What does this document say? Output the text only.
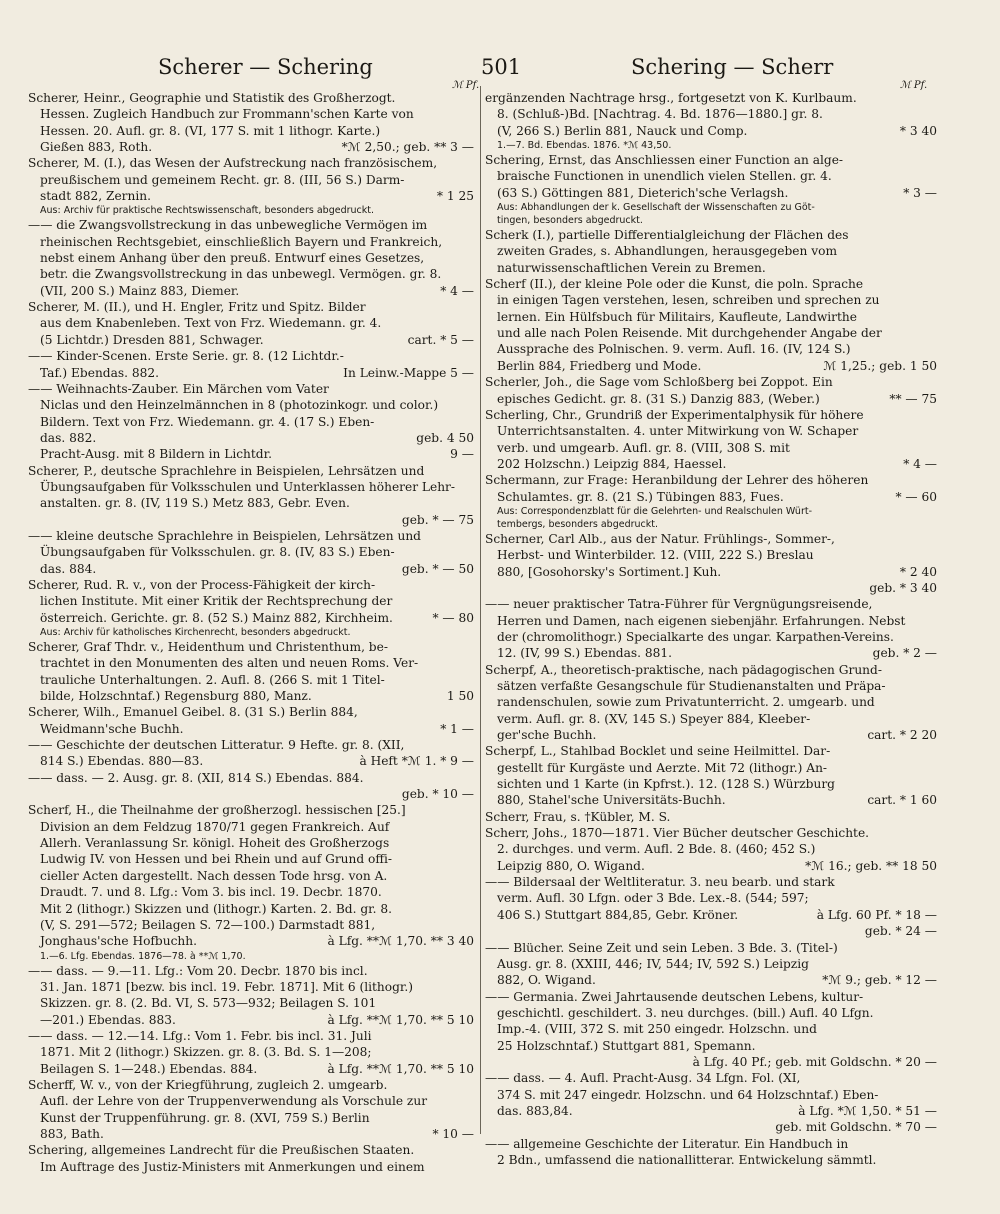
Scherer — Schering	501	Schering — Scherr
ℳ Pf.	ℳ Pf.
Scherer, Heinr., Geographie und Statistik des Großherzogt.
Hessen. Zugleich Handbuch zur Frommann'schen Karte von
Hessen. 20. Aufl. gr. 8. (VI, 177 S. mit 1 lithogr. Karte.)
Gießen 883, Roth.	*ℳ 2,50.; geb. ** 3 —
Scherer, M. (I.), das Wesen der Aufstreckung nach französischem,
preußischem und gemeinem Recht. gr. 8. (III, 56 S.) Darm-
stadt 882, Zernin.	* 1 25
Aus: Archiv für praktische Rechtswissenschaft, besonders abgedruckt.
—— die Zwangsvollstreckung in das unbewegliche Vermögen im
rheinischen Rechtsgebiet, einschließlich Bayern und Frankreich,
nebst einem Anhang über den preuß. Entwurf eines Gesetzes,
betr. die Zwangsvollstreckung in das unbewegl. Vermögen. gr. 8.
(VII, 200 S.) Mainz 883, Diemer.	* 4 —
Scherer, M. (II.), und H. Engler, Fritz und Spitz. Bilder
aus dem Knabenleben. Text von Frz. Wiedemann. gr. 4.
(5 Lichtdr.) Dresden 881, Schwager.	cart. * 5 —
—— Kinder-Scenen. Erste Serie. gr. 8. (12 Lichtdr.-
Taf.) Ebendas. 882.	In Leinw.-Mappe 5 —
—— Weihnachts-Zauber. Ein Märchen vom Vater
Niclas und den Heinzelmännchen in 8 (photozinkogr. und color.)
Bildern. Text von Frz. Wiedemann. gr. 4. (17 S.) Eben-
das. 882.	geb. 4 50
Pracht-Ausg. mit 8 Bildern in Lichtdr.	9 —
Scherer, P., deutsche Sprachlehre in Beispielen, Lehrsätzen und
Übungsaufgaben für Volksschulen und Unterklassen höherer Lehr-
anstalten. gr. 8. (IV, 119 S.) Metz 883, Gebr. Even.
geb. * — 75
—— kleine deutsche Sprachlehre in Beispielen, Lehrsätzen und
Übungsaufgaben für Volksschulen. gr. 8. (IV, 83 S.) Eben-
das. 884.	geb. * — 50
Scherer, Rud. R. v., von der Process-Fähigkeit der kirch-
lichen Institute. Mit einer Kritik der Rechtsprechung der
österreich. Gerichte. gr. 8. (52 S.) Mainz 882, Kirchheim.	* — 80
Aus: Archiv für katholisches Kirchenrecht, besonders abgedruckt.
Scherer, Graf Thdr. v., Heidenthum und Christenthum, be-
trachtet in den Monumenten des alten und neuen Roms. Ver-
trauliche Unterhaltungen. 2. Aufl. 8. (266 S. mit 1 Titel-
bilde, Holzschntaf.) Regensburg 880, Manz.	1 50
Scherer, Wilh., Emanuel Geibel. 8. (31 S.) Berlin 884,
Weidmann'sche Buchh.	* 1 —
—— Geschichte der deutschen Litteratur. 9 Hefte. gr. 8. (XII,
814 S.) Ebendas. 880—83.	à Heft *ℳ 1. * 9 —
—— dass. — 2. Ausg. gr. 8. (XII, 814 S.) Ebendas. 884.
geb. * 10 —
Scherf, H., die Theilnahme der großherzogl. hessischen [25.]
Division an dem Feldzug 1870/71 gegen Frankreich. Auf
Allerh. Veranlassung Sr. königl. Hoheit des Großherzogs
Ludwig IV. von Hessen und bei Rhein und auf Grund offi-
cieller Acten dargestellt. Nach dessen Tode hrsg. von A.
Draudt. 7. und 8. Lfg.: Vom 3. bis incl. 19. Decbr. 1870.
Mit 2 (lithogr.) Skizzen und (lithogr.) Karten. 2. Bd. gr. 8.
(V, S. 291—572; Beilagen S. 72—100.) Darmstadt 881,
Jonghaus'sche Hofbuchh.	à Lfg. **ℳ 1,70. ** 3 40
1.—6. Lfg. Ebendas. 1876—78. à **ℳ 1,70.
—— dass. — 9.—11. Lfg.: Vom 20. Decbr. 1870 bis incl.
31. Jan. 1871 [bezw. bis incl. 19. Febr. 1871]. Mit 6 (lithogr.)
Skizzen. gr. 8. (2. Bd. VI, S. 573—932; Beilagen S. 101
—201.) Ebendas. 883.	à Lfg. **ℳ 1,70. ** 5 10
—— dass. — 12.—14. Lfg.: Vom 1. Febr. bis incl. 31. Juli
1871. Mit 2 (lithogr.) Skizzen. gr. 8. (3. Bd. S. 1—208;
Beilagen S. 1—248.) Ebendas. 884.	à Lfg. **ℳ 1,70. ** 5 10
Scherff, W. v., von der Kriegführung, zugleich 2. umgearb.
Aufl. der Lehre von der Truppenverwendung als Vorschule zur
Kunst der Truppenführung. gr. 8. (XVI, 759 S.) Berlin
883, Bath.	* 10 —
Schering, allgemeines Landrecht für die Preußischen Staaten.
Im Auftrage des Justiz-Ministers mit Anmerkungen und einem
ergänzenden Nachtrage hrsg., fortgesetzt von K. Kurlbaum.
8. (Schluß-)Bd. [Nachtrag. 4. Bd. 1876—1880.] gr. 8.
(V, 266 S.) Berlin 881, Nauck und Comp.	* 3 40
1.—7. Bd. Ebendas. 1876. *ℳ 43,50.
Schering, Ernst, das Anschliessen einer Function an alge-
braische Functionen in unendlich vielen Stellen. gr. 4.
(63 S.) Göttingen 881, Dieterich'sche Verlagsh.	* 3 —
Aus: Abhandlungen der k. Gesellschaft der Wissenschaften zu Göt-
tingen, besonders abgedruckt.
Scherk (I.), partielle Differentialgleichung der Flächen des
zweiten Grades, s. Abhandlungen, herausgegeben vom
naturwissenschaftlichen Verein zu Bremen.
Scherf (II.), der kleine Pole oder die Kunst, die poln. Sprache
in einigen Tagen verstehen, lesen, schreiben und sprechen zu
lernen. Ein Hülfsbuch für Militairs, Kaufleute, Landwirthe
und alle nach Polen Reisende. Mit durchgehender Angabe der
Aussprache des Polnischen. 9. verm. Aufl. 16. (IV, 124 S.)
Berlin 884, Friedberg und Mode.	ℳ 1,25.; geb. 1 50
Scherler, Joh., die Sage vom Schloßberg bei Zoppot. Ein
episches Gedicht. gr. 8. (31 S.) Danzig 883, (Weber.)	** — 75
Scherling, Chr., Grundriß der Experimentalphysik für höhere
Unterrichtsanstalten. 4. unter Mitwirkung von W. Schaper
verb. und umgearb. Aufl. gr. 8. (VIII, 308 S. mit
202 Holzschn.) Leipzig 884, Haessel.	* 4 —
Schermann, zur Frage: Heranbildung der Lehrer des höheren
Schulamtes. gr. 8. (21 S.) Tübingen 883, Fues.	* — 60
Aus: Correspondenzblatt für die Gelehrten- und Realschulen Würt-
tembergs, besonders abgedruckt.
Scherner, Carl Alb., aus der Natur. Frühlings-, Sommer-,
Herbst- und Winterbilder. 12. (VIII, 222 S.) Breslau
880, [Gosohorsky's Sortiment.] Kuh.	* 2 40
geb. * 3 40
—— neuer praktischer Tatra-Führer für Vergnügungsreisende,
Herren und Damen, nach eigenen siebenjähr. Erfahrungen. Nebst
der (chromolithogr.) Specialkarte des ungar. Karpathen-Vereins.
12. (IV, 99 S.) Ebendas. 881.	geb. * 2 —
Scherpf, A., theoretisch-praktische, nach pädagogischen Grund-
sätzen verfaßte Gesangschule für Studienanstalten und Präpa-
randenschulen, sowie zum Privatunterricht. 2. umgearb. und
verm. Aufl. gr. 8. (XV, 145 S.) Speyer 884, Kleeber-
ger'sche Buchh.	cart. * 2 20
Scherpf, L., Stahlbad Bocklet und seine Heilmittel. Dar-
gestellt für Kurgäste und Aerzte. Mit 72 (lithogr.) An-
sichten und 1 Karte (in Kpfrst.). 12. (128 S.) Würzburg
880, Stahel'sche Universitäts-Buchh.	cart. * 1 60
Scherr, Frau, s. †Kübler, M. S.
Scherr, Johs., 1870—1871. Vier Bücher deutscher Geschichte.
2. durchges. und verm. Aufl. 2 Bde. 8. (460; 452 S.)
Leipzig 880, O. Wigand.	*ℳ 16.; geb. ** 18 50
—— Bildersaal der Weltliteratur. 3. neu bearb. und stark
verm. Aufl. 30 Lfgn. oder 3 Bde. Lex.-8. (544; 597;
406 S.) Stuttgart 884,85, Gebr. Kröner.	à Lfg. 60 Pf. * 18 —
geb. * 24 —
—— Blücher. Seine Zeit und sein Leben. 3 Bde. 3. (Titel-)
Ausg. gr. 8. (XXIII, 446; IV, 544; IV, 592 S.) Leipzig
882, O. Wigand.	*ℳ 9.; geb. * 12 —
—— Germania. Zwei Jahrtausende deutschen Lebens, kultur-
geschichtl. geschildert. 3. neu durchges. (bill.) Aufl. 40 Lfgn.
Imp.-4. (VIII, 372 S. mit 250 eingedr. Holzschn. und
25 Holzschntaf.) Stuttgart 881, Spemann.
à Lfg. 40 Pf.; geb. mit Goldschn. * 20 —
—— dass. — 4. Aufl. Pracht-Ausg. 34 Lfgn. Fol. (XI,
374 S. mit 247 eingedr. Holzschn. und 64 Holzschntaf.) Eben-
das. 883,84.	à Lfg. *ℳ 1,50. * 51 —
geb. mit Goldschn. * 70 —
—— allgemeine Geschichte der Literatur. Ein Handbuch in
2 Bdn., umfassend die nationallitterar. Entwickelung sämmtl.
